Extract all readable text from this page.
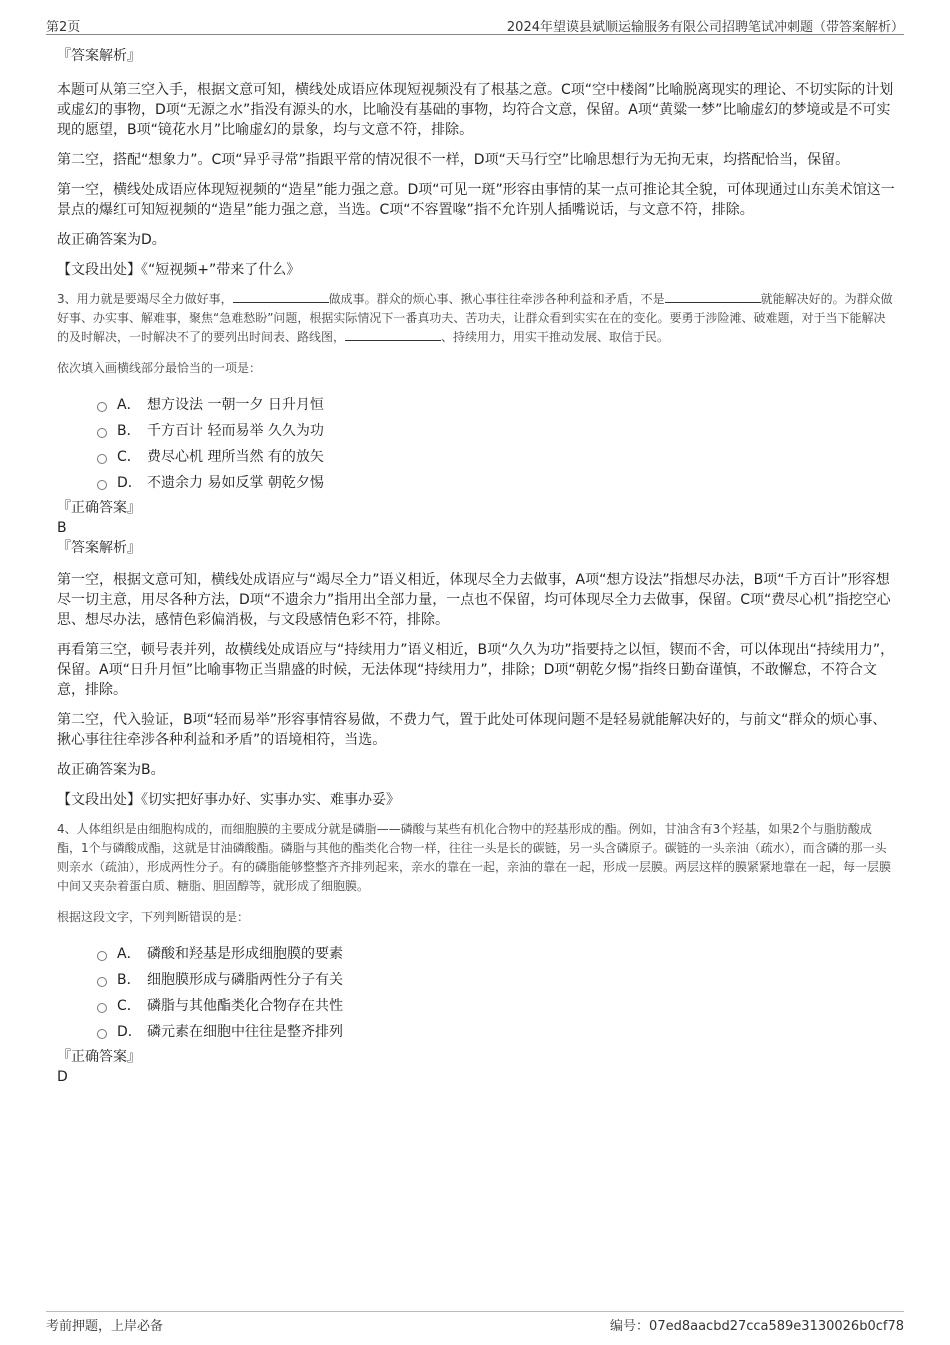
第2页	2024年望谟县斌顺运输服务有限公司招聘笔试冲刺题（带答案解析）

『答案解析』

本题可从第三空入手，根据文意可知，横线处成语应体现短视频没有了根基之意。C项“空中楼阁”比喻脱离现实的理论、不切实际的计划或虚幻的事物，D项“无源之水”指没有源头的水，比喻没有基础的事物，均符合文意，保留。A项“黄粱一梦”比喻虚幻的梦境或是不可实现的愿望，B项“镜花水月”比喻虚幻的景象，均与文意不符，排除。

第二空，搭配“想象力”。C项“异乎寻常”指跟平常的情况很不一样，D项“天马行空”比喻思想行为无拘无束，均搭配恰当，保留。

第一空，横线处成语应体现短视频的“造星”能力强之意。D项“可见一斑”形容由事情的某一点可推论其全貌，可体现通过山东美术馆这一景点的爆红可知短视频的“造星”能力强之意，当选。C项“不容置喙”指不允许别人插嘴说话，与文意不符，排除。

故正确答案为D。

【文段出处】《“短视频+”带来了什么》

3、用力就是要竭尽全力做好事，	做成事。群众的烦心事、揪心事往往牵涉各种利益和矛盾，不是	就能解决好的。为群众做好事、办实事、解难事，聚焦“急难愁盼”问题，根据实际情况下一番真功夫、苦功夫，让群众看到实实在在的变化。要勇于涉险滩、破难题，对于当下能解决的及时解决，一时解决不了的要列出时间表、路线图，	、持续用力，用实干推动发展、取信于民。

依次填入画横线部分最恰当的一项是：

A． 想方设法 一朝一夕 日升月恒
B． 千方百计 轻而易举 久久为功
C． 费尽心机 理所当然 有的放矢
D． 不遗余力 易如反掌 朝乾夕惕

『正确答案』

B

『答案解析』

第一空，根据文意可知，横线处成语应与“竭尽全力”语义相近，体现尽全力去做事，A项“想方设法”指想尽办法，B项“千方百计”形容想尽一切主意，用尽各种方法，D项“不遗余力”指用出全部力量，一点也不保留，均可体现尽全力去做事，保留。C项“费尽心机”指挖空心思、想尽办法，感情色彩偏消极，与文段感情色彩不符，排除。

再看第三空，顿号表并列，故横线处成语应与“持续用力”语义相近，B项“久久为功”指要持之以恒，锲而不舍，可以体现出“持续用力”，保留。A项“日升月恒”比喻事物正当鼎盛的时候，无法体现“持续用力”，排除；D项“朝乾夕惕”指终日勤奋谨慎，不敢懈怠，不符合文意，排除。

第二空，代入验证，B项“轻而易举”形容事情容易做，不费力气，置于此处可体现问题不是轻易就能解决好的，与前文“群众的烦心事、揪心事往往牵涉各种利益和矛盾”的语境相符，当选。

故正确答案为B。

【文段出处】《切实把好事办好、实事办实、难事办妥》

4、人体组织是由细胞构成的，而细胞膜的主要成分就是磷脂——磷酸与某些有机化合物中的羟基形成的酯。例如，甘油含有3个羟基，如果2个与脂肪酸成酯，1个与磷酸成酯，这就是甘油磷酸酯。磷脂与其他的酯类化合物一样，往往一头是长的碳链，另一头含磷原子。碳链的一头亲油（疏水），而含磷的那一头则亲水（疏油），形成两性分子。有的磷脂能够整整齐齐排列起来，亲水的靠在一起，亲油的靠在一起，形成一层膜。两层这样的膜紧紧地靠在一起，每一层膜中间又夹杂着蛋白质、糖脂、胆固醇等，就形成了细胞膜。

根据这段文字，下列判断错误的是：

A． 磷酸和羟基是形成细胞膜的要素
B． 细胞膜形成与磷脂两性分子有关
C． 磷脂与其他酯类化合物存在共性
D． 磷元素在细胞中往往是整齐排列

『正确答案』

D

考前押题，上岸必备	编号：07ed8aacbd27cca589e3130026b0cf78
